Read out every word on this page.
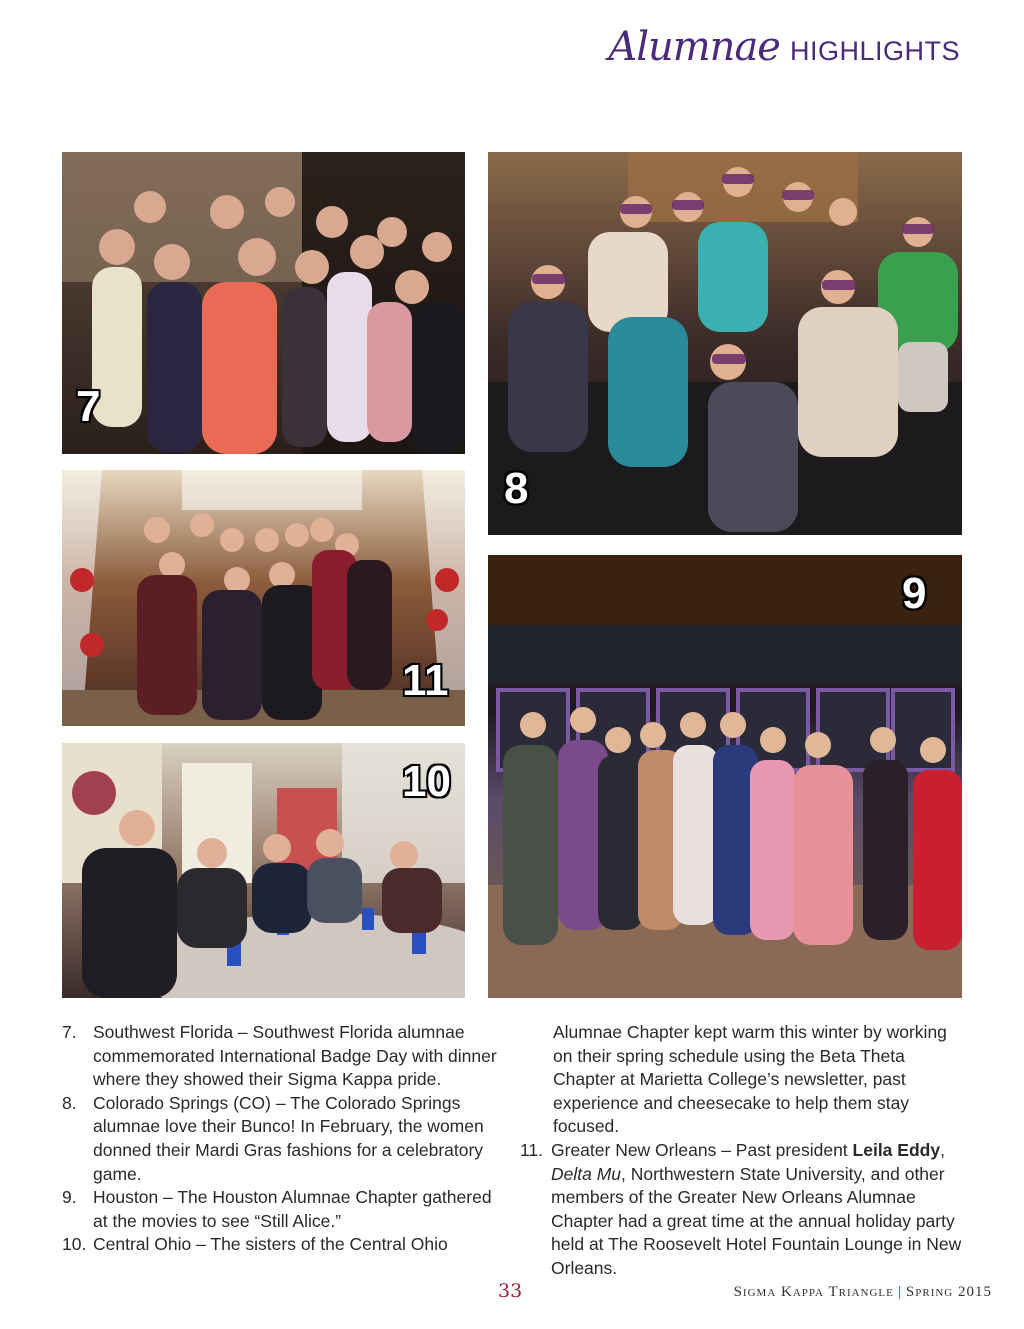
Alumnae HIGHLIGHTS
7
8
11
9
10
7. Southwest Florida – Southwest Florida alumnae commemorated International Badge Day with dinner where they showed their Sigma Kappa pride.
8. Colorado Springs (CO) – The Colorado Springs alumnae love their Bunco! In February, the women donned their Mardi Gras fashions for a celebratory game.
9. Houston – The Houston Alumnae Chapter gathered at the movies to see “Still Alice.”
10. Central Ohio – The sisters of the Central Ohio
Alumnae Chapter kept warm this winter by working on their spring schedule using the Beta Theta Chapter at Marietta College’s newsletter, past experience and cheesecake to help them stay focused.
11. Greater New Orleans – Past president Leila Eddy,
Delta Mu, Northwestern State University, and other members of the Greater New Orleans Alumnae Chapter had a great time at the annual holiday party held at The Roosevelt Hotel Fountain Lounge in New Orleans.
33	Sigma Kappa Triangle | Spring 2015
